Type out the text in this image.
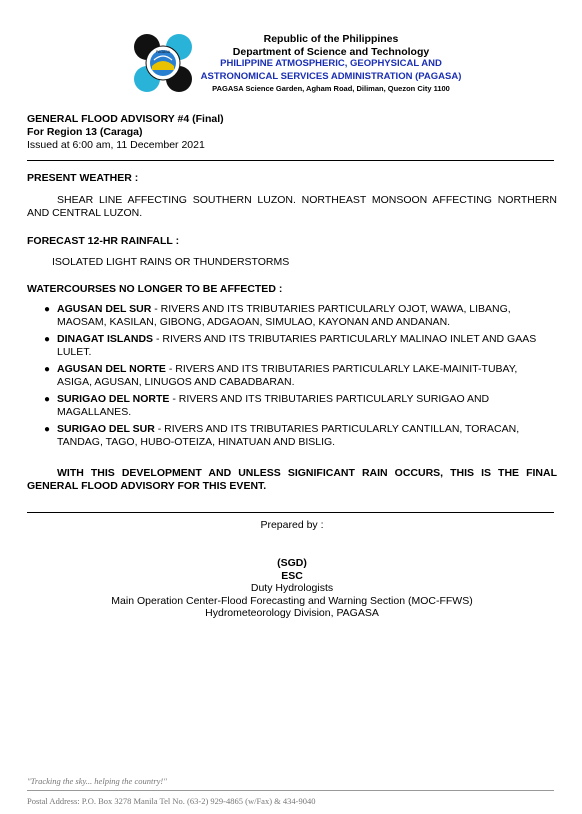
PAGASA
Republic of the Philippines
Department of Science and Technology
PHILIPPINE ATMOSPHERIC, GEOPHYSICAL AND
ASTRONOMICAL SERVICES ADMINISTRATION (PAGASA)
PAGASA Science Garden, Agham Road, Diliman, Quezon City 1100
GENERAL FLOOD ADVISORY #4 (Final)
For Region 13 (Caraga)
Issued at 6:00 am, 11 December 2021
PRESENT WEATHER :
SHEAR LINE AFFECTING SOUTHERN LUZON. NORTHEAST MONSOON AFFECTING NORTHERN AND CENTRAL LUZON.
FORECAST 12-HR RAINFALL :
ISOLATED LIGHT RAINS OR THUNDERSTORMS
WATERCOURSES NO LONGER TO BE AFFECTED :
● AGUSAN DEL SUR - RIVERS AND ITS TRIBUTARIES PARTICULARLY OJOT, WAWA, LIBANG, MAOSAM, KASILAN, GIBONG, ADGAOAN, SIMULAO, KAYONAN AND ANDANAN.
● DINAGAT ISLANDS - RIVERS AND ITS TRIBUTARIES PARTICULARLY MALINAO INLET AND GAAS LULET.
● AGUSAN DEL NORTE - RIVERS AND ITS TRIBUTARIES PARTICULARLY LAKE-MAINIT-TUBAY, ASIGA, AGUSAN, LINUGOS AND CABADBARAN.
● SURIGAO DEL NORTE - RIVERS AND ITS TRIBUTARIES PARTICULARLY SURIGAO AND MAGALLANES.
● SURIGAO DEL SUR - RIVERS AND ITS TRIBUTARIES PARTICULARLY CANTILLAN, TORACAN, TANDAG, TAGO, HUBO-OTEIZA, HINATUAN AND BISLIG.
WITH THIS DEVELOPMENT AND UNLESS SIGNIFICANT RAIN OCCURS, THIS IS THE FINAL GENERAL FLOOD ADVISORY FOR THIS EVENT.
Prepared by :
(SGD)
ESC
Duty Hydrologists
Main Operation Center-Flood Forecasting and Warning Section (MOC-FFWS)
Hydrometeorology Division, PAGASA
"Tracking the sky... helping the country!"
Postal Address: P.O. Box 3278 Manila Tel No. (63-2) 929-4865 (w/Fax) & 434-9040
